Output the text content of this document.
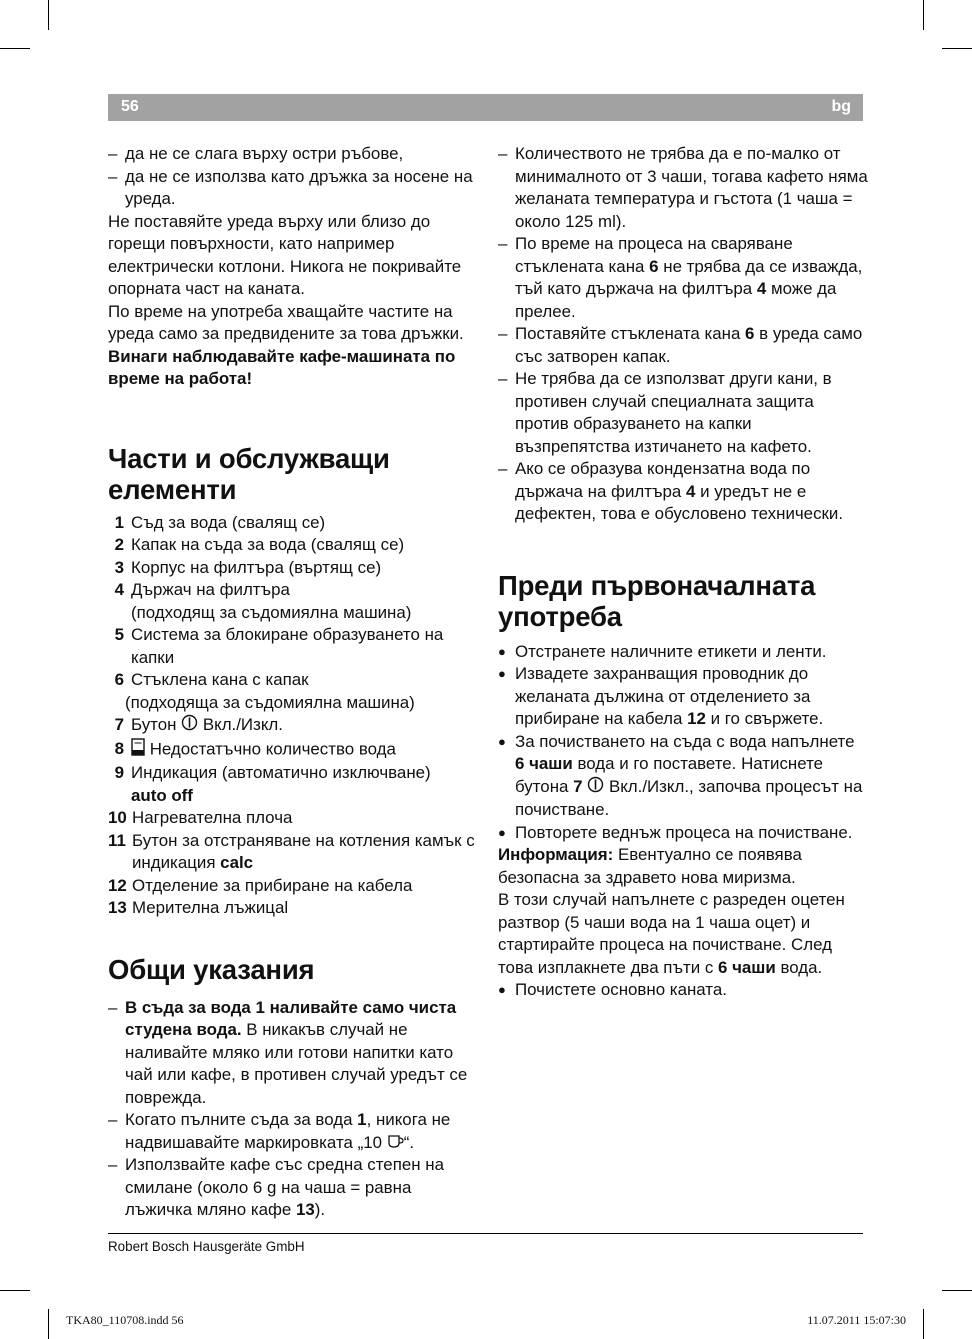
56	bg

– да не се слага върху остри ръбове,

– да не се използва като дръжка за носене на уреда.

Не поставяйте уреда върху или близо до горещи повърхности, като например електрически котлони. Никога не покривайте опорната част на каната.

По време на употреба хващайте частите на уреда само за предвидените за това дръжки.

Винаги наблюдавайте кафе-машината по време на работа!

Части и обслужващи елементи
1 Съд за вода (свалящ се)
2 Капак на съда за вода (свалящ се)
3 Корпус на филтъра (въртящ се)
4 Държач на филтъра
(подходящ за съдомиялна машина)
5 Система за блокиране образуването на капки
6 Стъклена кана с капак
(подходяща за съдомиялна машина)
7 Бутон Вкл./Изкл.
8 Недостатъчно количество вода
9 Индикация (автоматично изключване)
auto off
10 Нагревателна плоча
11 Бутон за отстраняване на котления камък с индикация calc
12 Отделение за прибиране на кабела
13 Мерителна лъжицаl
Общи указания

– В съда за вода 1 наливайте само чиста студена вода. В никакъв случай не наливайте мляко или готови напитки като чай или кафе, в противен случай уредът се повреждa.

– Когато пълните съда за вода 1, никога не надвишавайте маркировката „10 “.

– Използвайте кафе със средна степен на смилане (около 6 g на чаша = равна лъжичка мляно кафе 13).

– Количеството не трябва да е по-малко от минималното от 3 чаши, тогава кафето няма желаната температура и гъстота (1 чаша = около 125 ml).

– По време на процеса на сваряване стъклената кана 6 не трябва да се изважда, тъй като държача на филтъра 4 може да прелее.

– Поставяйте стъклената кана 6 в уреда само със затворен капак.

– Не трябва да се използват други кани, в противен случай специалната защита против образуването на капки възпрепятства изтичането на кафето.

– Ако се образува кондензатна вода по държача на филтъра 4 и уредът не е дефектен, това е обусловено технически.

Преди първоначалната употреба

● Отстранете наличните етикети и ленти.

● Извадете захранващия проводник до желаната дължина от отделението за прибиране на кабела 12 и го свържете.

● За почистването на съда с вода напълнете 6 чаши вода и го поставете. Натиснете бутона 7 Вкл./Изкл., започва процесът на почистване.

● Повторете веднъж процеса на почистване.

Информация: Евентуално се появява безопасна за здравето нова миризма.

В този случай напълнете с разреден оцетен разтвор (5 чаши вода на 1 чаша оцет) и стартирайте процеса на почистване. След това изплакнете два пъти с 6 чаши вода.

● Почистете основно каната.

Robert Bosch Hausgeräte GmbH
TKA80_110708.indd 56	11.07.2011 15:07:30
